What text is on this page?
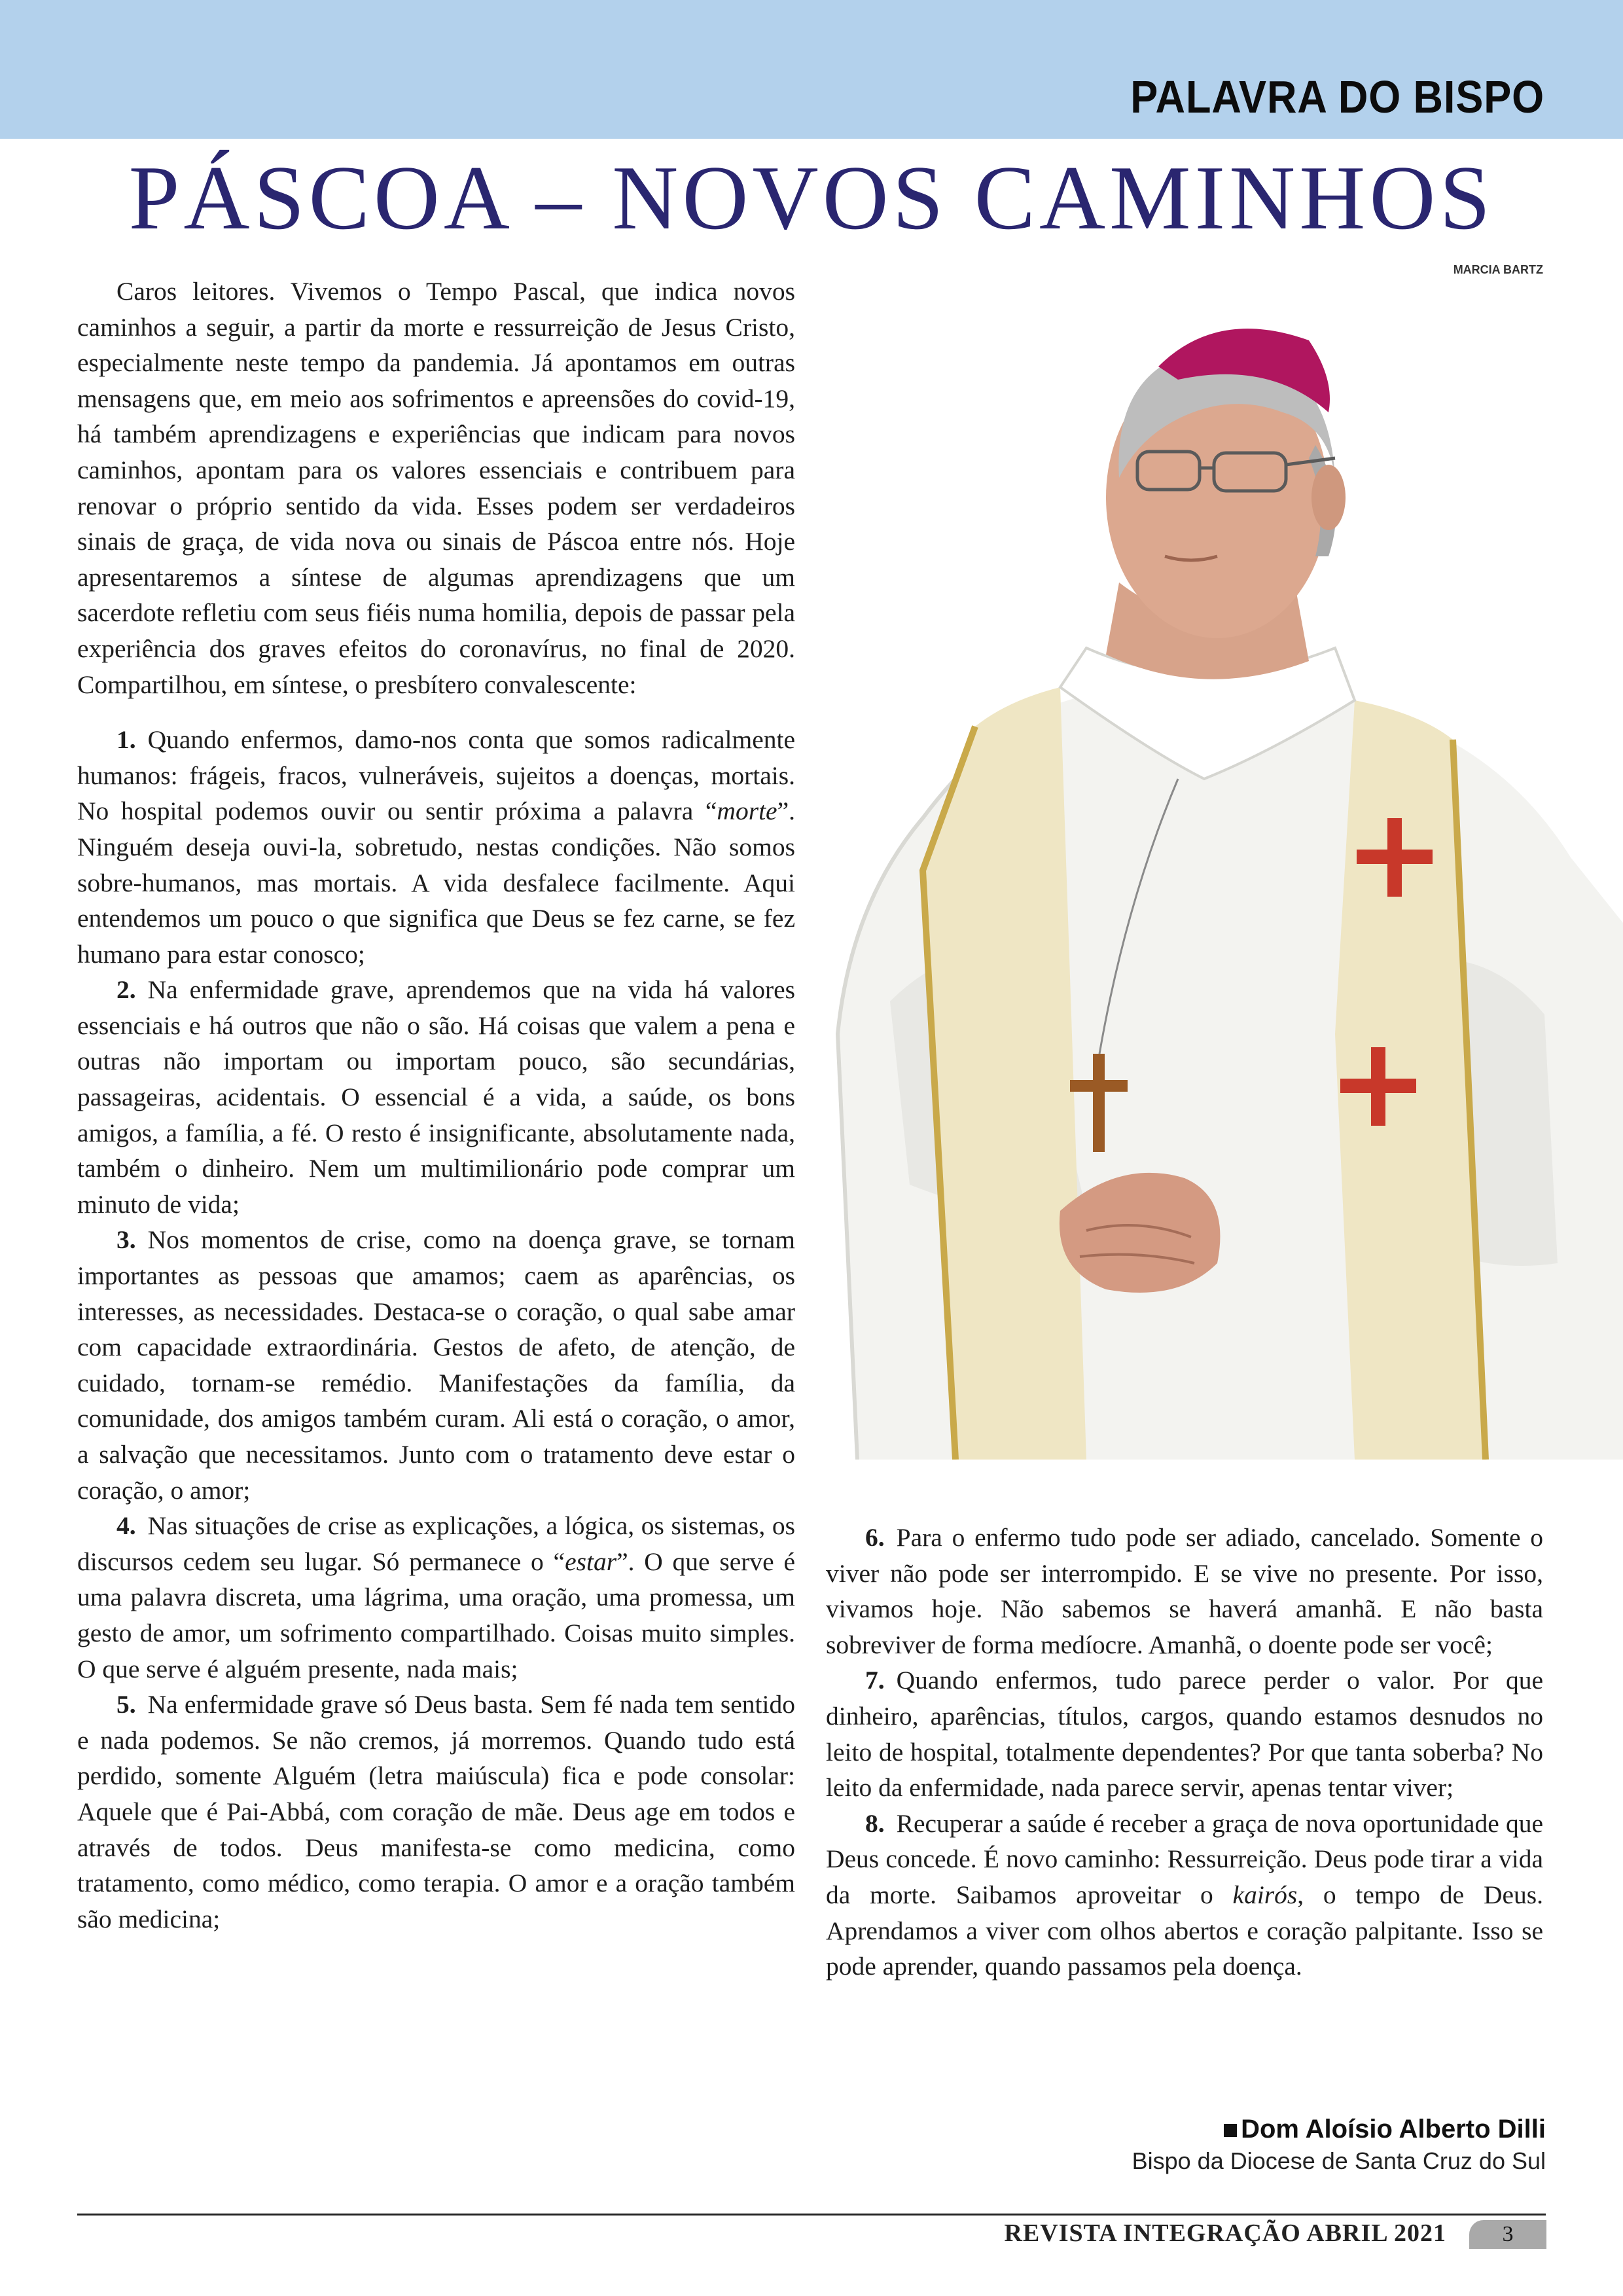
PALAVRA DO BISPO
PÁSCOA – NOVOS CAMINHOS
MARCIA BARTZ

Caros leitores. Vivemos o Tempo Pascal, que indica novos caminhos a seguir, a partir da morte e ressurreição de Jesus Cristo, especialmente neste tempo da pandemia. Já apontamos em outras mensagens que, em meio aos sofrimentos e apreensões do covid-19, há também aprendizagens e experiências que indicam para novos caminhos, apontam para os valores essenciais e contribuem para renovar o próprio sentido da vida. Esses podem ser verdadeiros sinais de graça, de vida nova ou sinais de Páscoa entre nós. Hoje apresentaremos a síntese de algumas aprendizagens que um sacerdote refletiu com seus fiéis numa homilia, depois de passar pela experiência dos graves efeitos do coronavírus, no final de 2020. Compartilhou, em síntese, o presbítero convalescente:

1. Quando enfermos, damo-nos conta que somos radicalmente humanos: frágeis, fracos, vulneráveis, sujeitos a doenças, mortais. No hospital podemos ouvir ou sentir próxima a palavra “morte”. Ninguém deseja ouvi-la, sobretudo, nestas condições. Não somos sobre-humanos, mas mortais. A vida desfalece facilmente. Aqui entendemos um pouco o que significa que Deus se fez carne, se fez humano para estar conosco;

2. Na enfermidade grave, aprendemos que na vida há valores essenciais e há outros que não o são. Há coisas que valem a pena e outras não importam ou importam pouco, são secundárias, passageiras, acidentais. O essencial é a vida, a saúde, os bons amigos, a família, a fé. O resto é insignificante, absolutamente nada, também o dinheiro. Nem um multimilionário pode comprar um minuto de vida;

3. Nos momentos de crise, como na doença grave, se tornam importantes as pessoas que amamos; caem as aparências, os interesses, as necessidades. Destaca-se o coração, o qual sabe amar com capacidade extraordinária. Gestos de afeto, de atenção, de cuidado, tornam-se remédio. Manifestações da família, da comunidade, dos amigos também curam. Ali está o coração, o amor, a salvação que necessitamos. Junto com o tratamento deve estar o coração, o amor;

4. Nas situações de crise as explicações, a lógica, os sistemas, os discursos cedem seu lugar. Só permanece o “estar”. O que serve é uma palavra discreta, uma lágrima, uma oração, uma promessa, um gesto de amor, um sofrimento compartilhado. Coisas muito simples. O que serve é alguém presente, nada mais;

5. Na enfermidade grave só Deus basta. Sem fé nada tem sentido e nada podemos. Se não cremos, já morremos. Quando tudo está perdido, somente Alguém (letra maiúscula) fica e pode consolar: Aquele que é Pai-Abbá, com coração de mãe. Deus age em todos e através de todos. Deus manifesta-se como medicina, como tratamento, como médico, como terapia. O amor e a oração também são medicina;

6. Para o enfermo tudo pode ser adiado, cancelado. Somente o viver não pode ser interrompido. E se vive no presente. Por isso, vivamos hoje. Não sabemos se haverá amanhã. E não basta sobreviver de forma medíocre. Amanhã, o doente pode ser você;

7. Quando enfermos, tudo parece perder o valor. Por que dinheiro, aparências, títulos, cargos, quando estamos desnudos no leito de hospital, totalmente dependentes? Por que tanta soberba? No leito da enfermidade, nada parece servir, apenas tentar viver;

8. Recuperar a saúde é receber a graça de nova oportunidade que Deus concede. É novo caminho: Ressurreição. Deus pode tirar a vida da morte. Saibamos aproveitar o kairós, o tempo de Deus. Aprendamos a viver com olhos abertos e coração palpitante. Isso se pode aprender, quando passamos pela doença.

Dom Aloísio Alberto Dilli
Bispo da Diocese de Santa Cruz do Sul
REVISTA INTEGRAÇÃO ABRIL 2021	3
